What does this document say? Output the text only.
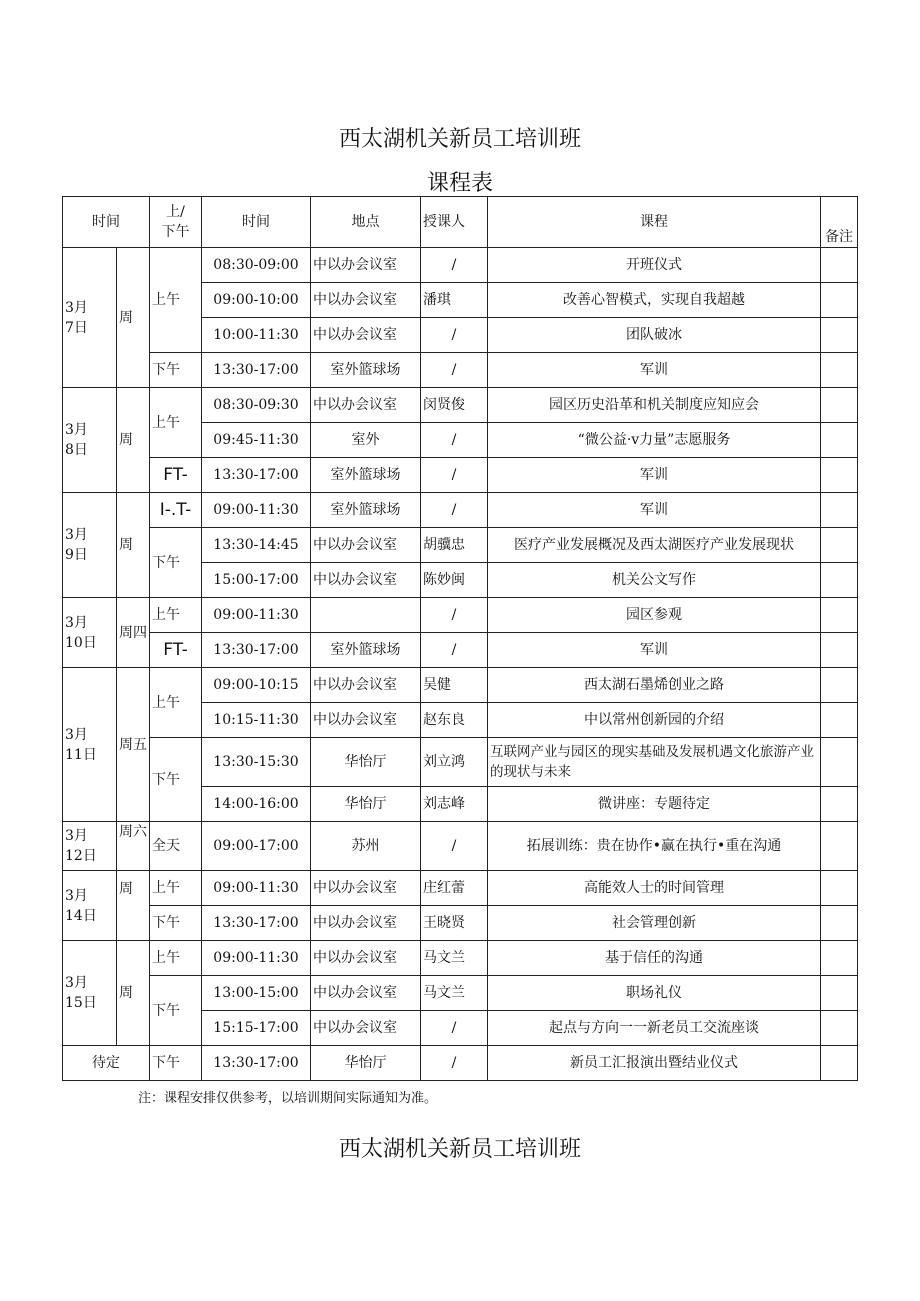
西太湖机关新员工培训班
课程表
时间		上/
下午	时间	地点	授课人	课程	备注
3月
7日	周	上午	08:30-09:00	中以办会议室	/	开班仪式	
			09:00-10:00	中以办会议室	潘琪	改善心智模式，实现自我超越	
			10:00-11:30	中以办会议室	/	团队破冰	
		下午	13:30-17:00	室外篮球场	/	军训	
3月
8日	周	上午	08:30-09:30	中以办会议室	闵贤俊	园区历史沿革和机关制度应知应会	
			09:45-11:30	室外	/	“微公益·v力量”志愿服务	
		FT-	13:30-17:00	室外篮球场	/	军训	
3月
9日	周	I-.T-	09:00-11:30	室外篮球场	/	军训	
		下午	13:30-14:45	中以办会议室	胡骥忠	医疗产业发展概况及西太湖医疗产业发展现状	
			15:00-17:00	中以办会议室	陈妙闽	机关公文写作	
3月
10日	周四	上午	09:00-11:30		/	园区参观	
		FT-	13:30-17:00	室外篮球场	/	军训	
3月
11日	周五	上午	09:00-10:15	中以办会议室	吴健	西太湖石墨烯创业之路	
			10:15-11:30	中以办会议室	赵东良	中以常州创新园的介绍	
		下午	13:30-15:30	华怡厅	刘立鸿	互联网产业与园区的现实基础及发展机遇文化旅游产业的现状与未来	
			14:00-16:00	华怡厅	刘志峰	微讲座：专题待定	
3月
12日	周六	全天	09:00-17:00	苏州	/	拓展训练：贵在协作•赢在执行•重在沟通	
3月
14日	周	上午	09:00-11:30	中以办会议室	庄红蕾	高能效人士的时间管理	
		下午	13:30-17:00	中以办会议室	王晓贤	社会管理创新	
3月
15日	周	上午	09:00-11:30	中以办会议室	马文兰	基于信任的沟通	
		下午	13:00-15:00	中以办会议室	马文兰	职场礼仪	
			15:15-17:00	中以办会议室	/	起点与方向一一新老员工交流座谈	
待定		下午	13:30-17:00	华怡厅	/	新员工汇报演出暨结业仪式	
注：课程安排仅供参考，以培训期间实际通知为准。
西太湖机关新员工培训班
